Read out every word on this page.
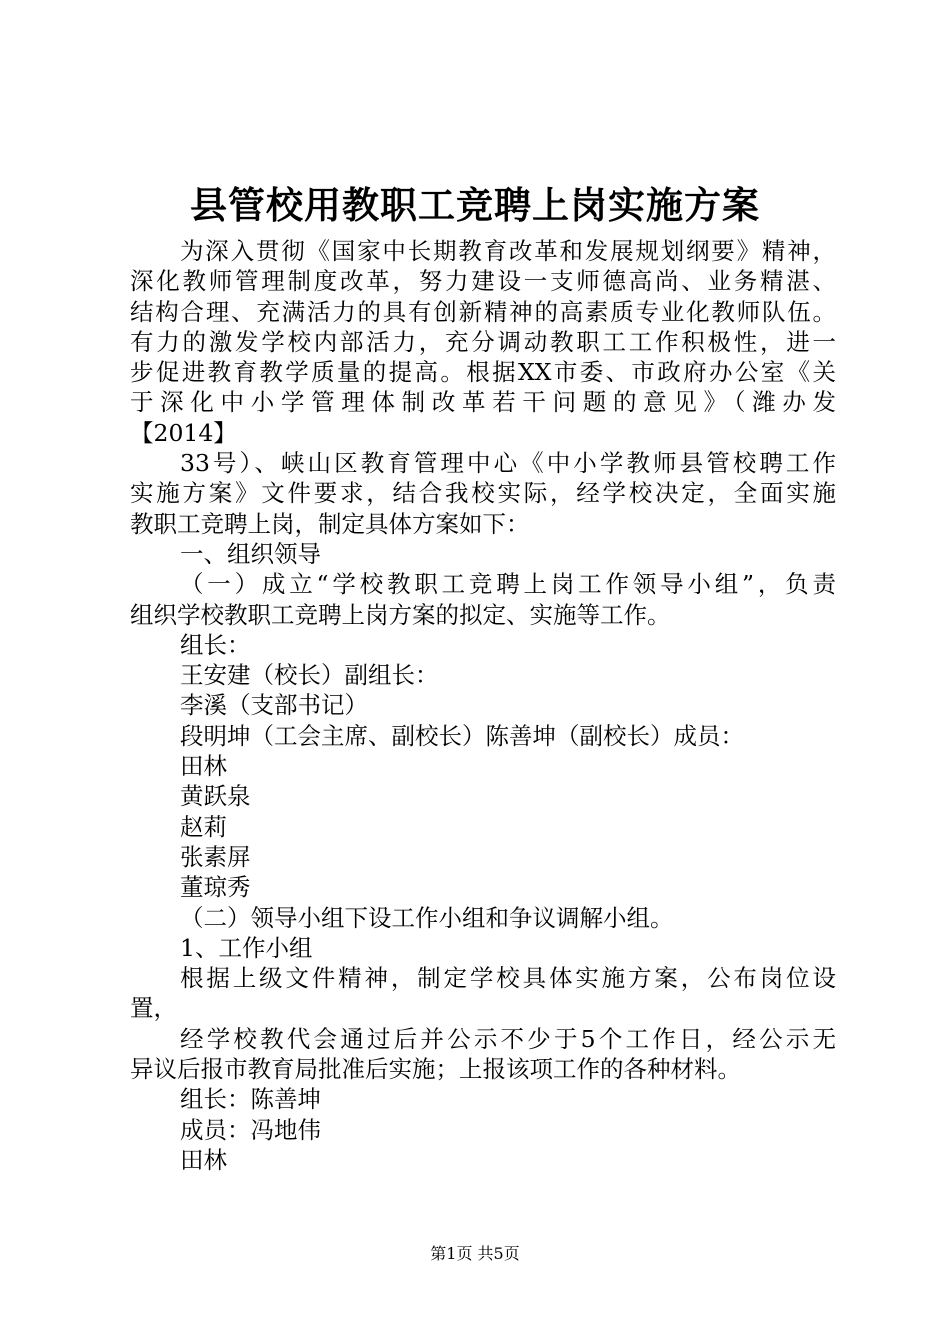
县管校用教职工竞聘上岗实施方案

为深入贯彻《国家中长期教育改革和发展规划纲要》精神，
深化教师管理制度改革，努力建设一支师德高尚、业务精湛、
结构合理、充满活力的具有创新精神的高素质专业化教师队伍。
有力的激发学校内部活力，充分调动教职工工作积极性，进一
步促进教育教学质量的提高。根据XX市委、市政府办公室《关
于深化中小学管理体制改革若干问题的意见》（潍办发
【2014】

33号）、峡山区教育管理中心《中小学教师县管校聘工作
实施方案》文件要求，结合我校实际，经学校决定，全面实施
教职工竞聘上岗，制定具体方案如下：

一、组织领导

（一）成立“学校教职工竞聘上岗工作领导小组”，负责
组织学校教职工竞聘上岗方案的拟定、实施等工作。

组长：

王安建（校长）副组长：

李溪（支部书记）

段明坤（工会主席、副校长）陈善坤（副校长）成员：

田林

黄跃泉

赵莉

张素屏

董琼秀

（二）领导小组下设工作小组和争议调解小组。

1、工作小组

根据上级文件精神，制定学校具体实施方案，公布岗位设
置，

经学校教代会通过后并公示不少于5个工作日，经公示无
异议后报市教育局批准后实施；上报该项工作的各种材料。

组长：陈善坤

成员：冯地伟

田林

第1页 共5页
